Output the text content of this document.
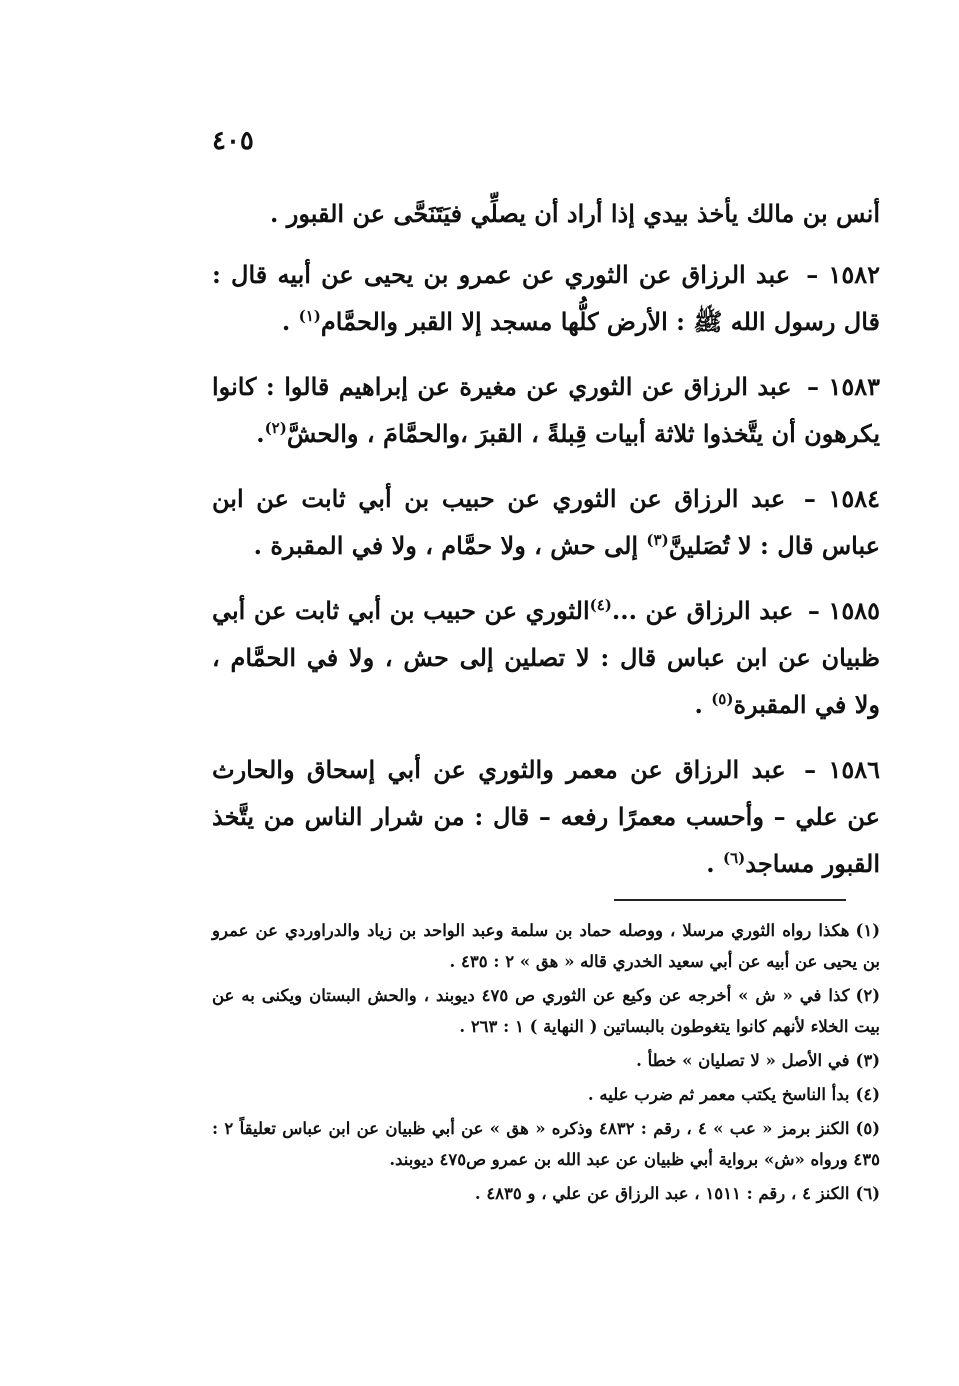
٤٠٥

أنس بن مالك يأخذ بيدي إذا أراد أن يصلِّي فيَتَنَحَّى عن القبور .

١٥٨٢ – عبد الرزاق عن الثوري عن عمرو بن يحيى عن أبيه قال : قال رسول الله ﷺ : الأرض كلُّها مسجد إلا القبر والحمَّام$^{(١)}$ .

١٥٨٣ – عبد الرزاق عن الثوري عن مغيرة عن إبراهيم قالوا : كانوا يكرهون أن يتَّخذوا ثلاثة أبيات قِبلةً ، القبرَ ،والحمَّامَ ، والحشَّ$^{(٢)}$.

١٥٨٤ – عبد الرزاق عن الثوري عن حبيب بن أبي ثابت عن ابن عباس قال : لا تُصَلينَّ$^{(٣)}$ إلى حش ، ولا حمَّام ، ولا في المقبرة .

١٥٨٥ – عبد الرزاق عن ...$^{(٤)}$الثوري عن حبيب بن أبي ثابت عن أبي ظبيان عن ابن عباس قال : لا تصلين إلى حش ، ولا في الحمَّام ، ولا في المقبرة$^{(٥)}$ .

١٥٨٦ – عبد الرزاق عن معمر والثوري عن أبي إسحاق والحارث عن علي – وأحسب معمرًا رفعه – قال : من شرار الناس من يتَّخذ القبور مساجد$^{(٦)}$ .

(١)هكذا رواه الثوري مرسلا ، ووصله حماد بن سلمة وعبد الواحد بن زياد والدراوردي عن عمرو بن يحيى عن أبيه عن أبي سعيد الخدري قاله « هق » ٢ : ٤٣٥ .

(٢)كذا في « ش » أخرجه عن وكيع عن الثوري ص ٤٧٥ ديوبند ، والحش البستان ويكنى به عن بيت الخلاء لأنهم كانوا يتغوطون بالبساتين ( النهاية ) ١ : ٢٦٣ .

(٣)في الأصل « لا تصليان » خطأ .

(٤)بدأ الناسخ يكتب معمر ثم ضرب عليه .

(٥)الكنز برمز « عب » ٤ ، رقم : ٤٨٣٢ وذكره « هق » عن أبي ظبيان عن ابن عباس تعليقاً ٢ : ٤٣٥ ورواه «ش» برواية أبي ظبيان عن عبد الله بن عمرو ص٤٧٥ ديوبند.

(٦)الكنز ٤ ، رقم : ١٥١١ ، عبد الرزاق عن علي ، و ٤٨٣٥ .
